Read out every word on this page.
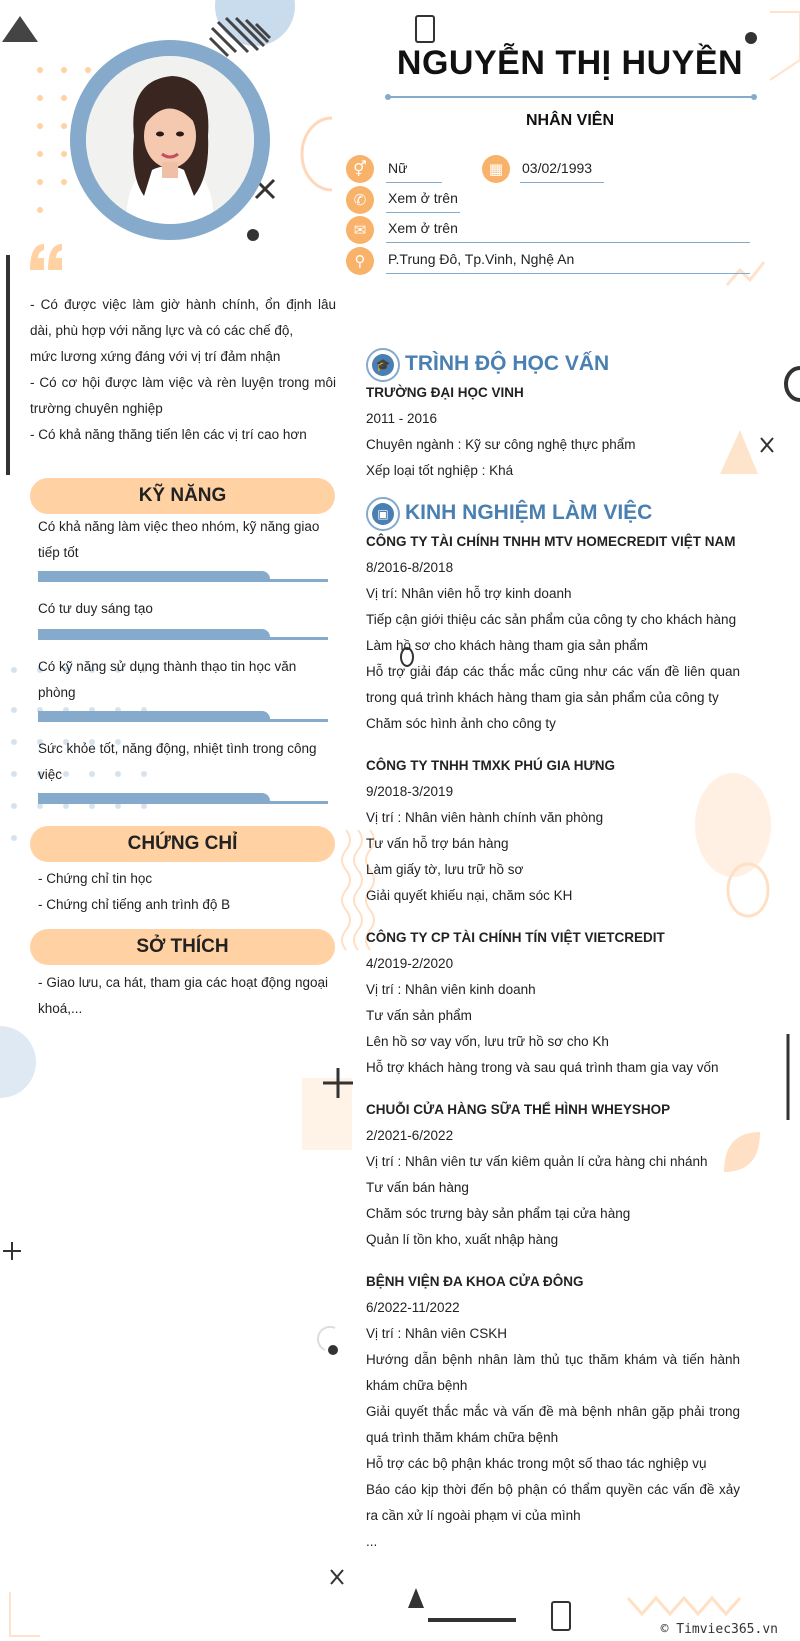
NGUYỄN THỊ HUYỀN
NHÂN VIÊN
⚥	Nữ	▦	03/02/1993
✆	Xem ở trên
✉	Xem ở trên
⚲	P.Trung Đô, Tp.Vinh, Nghệ An
- Có được việc làm giờ hành chính, ổn định lâu dài, phù hợp với năng lực và có các chế độ,
mức lương xứng đáng với vị trí đảm nhận
- Có cơ hội được làm việc và rèn luyện trong môi trường chuyên nghiệp
- Có khả năng thăng tiến lên các vị trí cao hơn
KỸ NĂNG
Có khả năng làm việc theo nhóm, kỹ năng giao tiếp tốt
Có tư duy sáng tạo
Có kỹ năng sử dụng thành thạo tin học văn phòng
Sức khỏe tốt, năng động, nhiệt tình trong công việc
CHỨNG CHỈ
- Chứng chỉ tin học
- Chứng chỉ tiếng anh trình độ B
SỞ THÍCH
- Giao lưu, ca hát, tham gia các hoạt động ngoại khoá,...
🎓 TRÌNH ĐỘ HỌC VẤN
TRƯỜNG ĐẠI HỌC VINH
2011 - 2016
Chuyên ngành : Kỹ sư công nghệ thực phẩm
Xếp loại tốt nghiệp : Khá
▣ KINH NGHIỆM LÀM VIỆC
CÔNG TY TÀI CHÍNH TNHH MTV HOMECREDIT VIỆT NAM
8/2016-8/2018
Vị trí: Nhân viên hỗ trợ kinh doanh
Tiếp cận giới thiệu các sản phẩm của công ty cho khách hàng
Làm hồ sơ cho khách hàng tham gia sản phẩm
Hỗ trợ giải đáp các thắc mắc cũng như các vấn đề liên quan trong quá trình khách hàng tham gia sản phẩm của công ty
Chăm sóc hình ảnh cho công ty
CÔNG TY TNHH TMXK PHÚ GIA HƯNG
9/2018-3/2019
Vị trí : Nhân viên hành chính văn phòng
Tư vấn hỗ trợ bán hàng
Làm giấy tờ, lưu trữ hồ sơ
Giải quyết khiếu nại, chăm sóc KH
CÔNG TY CP TÀI CHÍNH TÍN VIỆT VIETCREDIT
4/2019-2/2020
Vị trí : Nhân viên kinh doanh
Tư vấn sản phẩm
Lên hồ sơ vay vốn, lưu trữ hồ sơ cho Kh
Hỗ trợ khách hàng trong và sau quá trình tham gia vay vốn
CHUỖI CỬA HÀNG SỮA THỂ HÌNH WHEYSHOP
2/2021-6/2022
Vị trí : Nhân viên tư vấn kiêm quản lí cửa hàng chi nhánh
Tư vấn bán hàng
Chăm sóc trưng bày sản phẩm tại cửa hàng
Quản lí tồn kho, xuất nhập hàng
BỆNH VIỆN ĐA KHOA CỬA ĐÔNG
6/2022-11/2022
Vị trí : Nhân viên CSKH
Hướng dẫn bệnh nhân làm thủ tục thăm khám và tiến hành khám chữa bệnh
Giải quyết thắc mắc và vấn đề mà bệnh nhân gặp phải trong quá trình thăm khám chữa bệnh
Hỗ trợ các bộ phận khác trong một số thao tác nghiệp vụ
Báo cáo kịp thời đến bộ phận có thẩm quyền các vấn đề xảy ra cần xử lí ngoài phạm vi của mình
...
© Timviec365.vn
